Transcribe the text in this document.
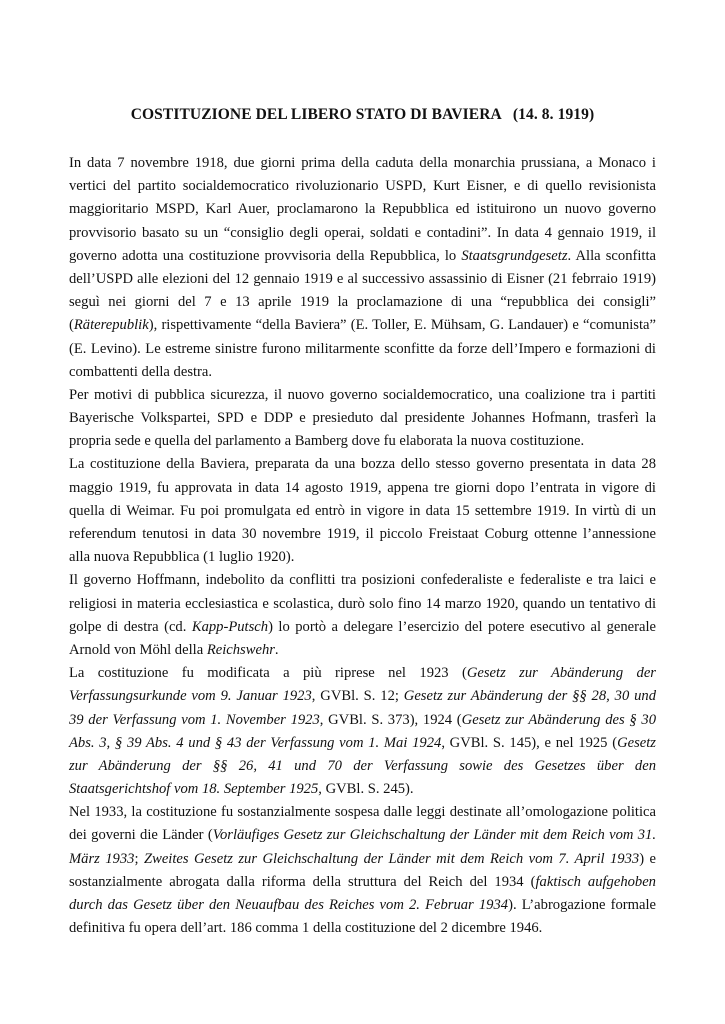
COSTITUZIONE DEL LIBERO STATO DI BAVIERA   (14. 8. 1919)
In data 7 novembre 1918, due giorni prima della caduta della monarchia prussiana, a Monaco i
vertici del partito socialdemocratico rivoluzionario USPD, Kurt Eisner, e di quello revisionista
maggioritario MSPD, Karl Auer, proclamarono la Repubblica ed istituirono un nuovo governo
provvisorio basato su un “consiglio degli operai, soldati e contadini”. In data 4 gennaio 1919, il
governo adotta una costituzione provvisoria della Repubblica, lo Staatsgrundgesetz. Alla sconfitta
dell’USPD alle elezioni del 12 gennaio 1919 e al successivo assassinio di Eisner (21 febrraio 1919)
seguì nei giorni del 7 e 13 aprile 1919 la proclamazione di una “repubblica dei consigli”
(Räterepublik), rispettivamente “della Baviera” (E. Toller, E. Mühsam, G. Landauer) e “comunista”
(E. Levino). Le estreme sinistre furono militarmente sconfitte da forze dell’Impero e formazioni di
combattenti della destra.
Per motivi di pubblica sicurezza, il nuovo governo socialdemocratico, una coalizione tra i partiti
Bayerische Volkspartei, SPD e DDP e presieduto dal presidente Johannes Hofmann, trasferì la
propria sede e quella del parlamento a Bamberg dove fu elaborata la nuova costituzione.
La costituzione della Baviera, preparata da una bozza dello stesso governo presentata in data 28
maggio 1919, fu approvata in data 14 agosto 1919, appena tre giorni dopo l’entrata in vigore di
quella di Weimar. Fu poi promulgata ed entrò in vigore in data 15 settembre 1919. In virtù di un
referendum tenutosi in data 30 novembre 1919, il piccolo Freistaat Coburg ottenne l’annessione
alla nuova Repubblica (1 luglio 1920).
Il governo Hoffmann, indebolito da conflitti tra posizioni confederaliste e federaliste e tra laici e
religiosi in materia ecclesiastica e scolastica, durò solo fino 14 marzo 1920, quando un tentativo di
golpe di destra (cd. Kapp-Putsch) lo portò a delegare l’esercizio del potere esecutivo al generale
Arnold von Möhl della Reichswehr.
La costituzione fu modificata a più riprese nel 1923 (Gesetz zur Abänderung der
Verfassungsurkunde vom 9. Januar 1923, GVBl. S. 12; Gesetz zur Abänderung der §§ 28, 30 und
39 der Verfassung vom 1. November 1923, GVBl. S. 373), 1924 (Gesetz zur Abänderung des § 30
Abs. 3, § 39 Abs. 4 und § 43 der Verfassung vom 1. Mai 1924, GVBl. S. 145), e nel 1925 (Gesetz
zur Abänderung der §§ 26, 41 und 70 der Verfassung sowie des Gesetzes über den
Staatsgerichtshof vom 18. September 1925, GVBl. S. 245).
Nel 1933, la costituzione fu sostanzialmente sospesa dalle leggi destinate all’omologazione politica
dei governi die Länder (Vorläufiges Gesetz zur Gleichschaltung der Länder mit dem Reich vom 31.
März 1933; Zweites Gesetz zur Gleichschaltung der Länder mit dem Reich vom 7. April 1933) e
sostanzialmente abrogata dalla riforma della struttura del Reich del 1934 (faktisch aufgehoben
durch das Gesetz über den Neuaufbau des Reiches vom 2. Februar 1934). L’abrogazione formale
definitiva fu opera dell’art. 186 comma 1 della costituzione del 2 dicembre 1946.
